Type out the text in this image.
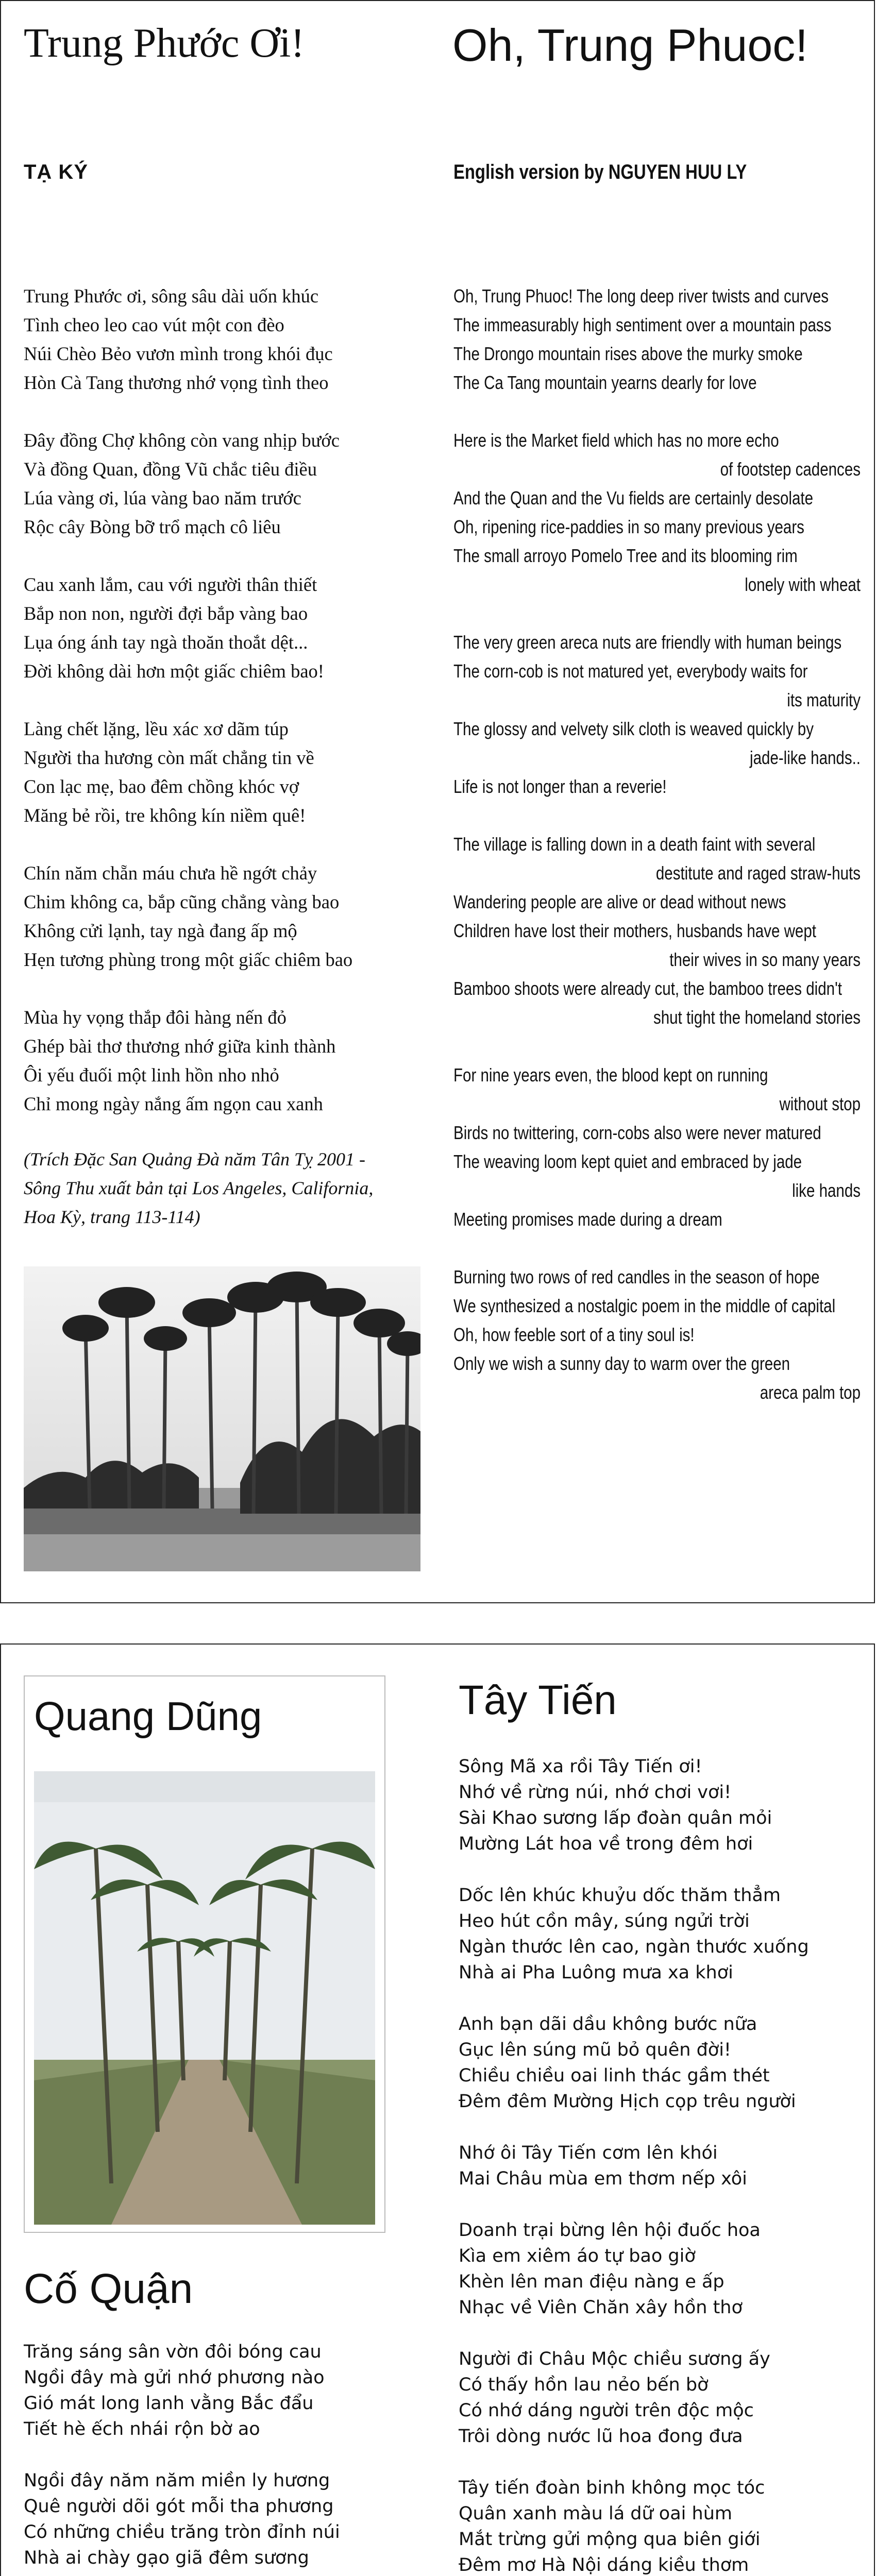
Trung Phước Ơi!	Oh, Trung Phuoc!
TẠ KÝ	English version by NGUYEN HUU LY
Trung Phước ơi, sông sâu dài uốn khúc
Tình cheo leo cao vút một con đèo
Núi Chèo Bẻo vươn mình trong khói đục
Hòn Cà Tang thương nhớ vọng tình theo
Đây đồng Chợ không còn vang nhịp bước
Và đồng Quan, đồng Vũ chắc tiêu điều
Lúa vàng ơi, lúa vàng bao năm trước
Rộc cây Bòng bỡ trổ mạch cô liêu
Cau xanh lắm, cau với người thân thiết
Bắp non non, người đợi bắp vàng bao
Lụa óng ánh tay ngà thoăn thoắt dệt...
Đời không dài hơn một giấc chiêm bao!
Làng chết lặng, lều xác xơ dãm túp
Người tha hương còn mất chẳng tin về
Con lạc mẹ, bao đêm chồng khóc vợ
Măng bẻ rồi, tre không kín niềm quê!
Chín năm chẵn máu chưa hề ngớt chảy
Chim không ca, bắp cũng chẳng vàng bao
Không cửi lạnh, tay ngà đang ấp mộ
Hẹn tương phùng trong một giấc chiêm bao
Mùa hy vọng thắp đôi hàng nến đỏ
Ghép bài thơ thương nhớ giữa kinh thành
Ôi yếu đuối một linh hồn nho nhỏ
Chỉ mong ngày nắng ấm ngọn cau xanh
(Trích Đặc San Quảng Đà năm Tân Tỵ 2001 -
Sông Thu xuất bản tại Los Angeles, California,
Hoa Kỳ, trang 113-114)
Oh, Trung Phuoc! The long deep river twists and curves
The immeasurably high sentiment over a mountain pass
The Drongo mountain rises above the murky smoke
The Ca Tang mountain yearns dearly for love
Here is the Market field which has no more echo
of footstep cadences
And the Quan and the Vu fields are certainly desolate
Oh, ripening rice-paddies in so many previous years
The small arroyo Pomelo Tree and its blooming rim
lonely with wheat
The very green areca nuts are friendly with human beings
The corn-cob is not matured yet, everybody waits for
its maturity
The glossy and velvety silk cloth is weaved quickly by
jade-like hands..
Life is not longer than a reverie!
The village is falling down in a death faint with several
destitute and raged straw-huts
Wandering people are alive or dead without news
Children have lost their mothers, husbands have wept
their wives in so many years
Bamboo shoots were already cut, the bamboo trees didn't
shut tight the homeland stories
For nine years even, the blood kept on running
without stop
Birds no twittering, corn-cobs also were never matured
The weaving loom kept quiet and embraced by jade
like hands
Meeting promises made during a dream
Burning two rows of red candles in the season of hope
We synthesized a nostalgic poem in the middle of capital
Oh, how feeble sort of a tiny soul is!
Only we wish a sunny day to warm over the green
areca palm top
Quang Dũng
Cố Quận
Trăng sáng sân vờn đôi bóng cau
Ngồi đây mà gửi nhớ phương nào
Gió mát long lanh vằng Bắc đẩu
Tiết hè ếch nhái rộn bờ ao
Ngồi đây năm năm miền ly hương
Quê người dõi gót mỗi tha phương
Có những chiều trăng tròn đỉnh núi
Nhà ai chày gạo giã đêm sương
Tây Tiến
Sông Mã xa rồi Tây Tiến ơi!
Nhớ về rừng núi, nhớ chơi vơi!
Sài Khao sương lấp đoàn quân mỏi
Mường Lát hoa về trong đêm hơi
Dốc lên khúc khuỷu dốc thăm thẳm
Heo hút cồn mây, súng ngửi trời
Ngàn thước lên cao, ngàn thước xuống
Nhà ai Pha Luông mưa xa khơi
Anh bạn dãi dầu không bước nữa
Gục lên súng mũ bỏ quên đời!
Chiều chiều oai linh thác gầm thét
Đêm đêm Mường Hịch cọp trêu người
Nhớ ôi Tây Tiến cơm lên khói
Mai Châu mùa em thơm nếp xôi
Doanh trại bừng lên hội đuốc hoa
Kìa em xiêm áo tự bao giờ
Khèn lên man điệu nàng e ấp
Nhạc về Viên Chăn xây hồn thơ
Người đi Châu Mộc chiều sương ấy
Có thấy hồn lau nẻo bến bờ
Có nhớ dáng người trên độc mộc
Trôi dòng nước lũ hoa đong đưa
Tây tiến đoàn binh không mọc tóc
Quân xanh màu lá dữ oai hùm
Mắt trừng gửi mộng qua biên giới
Đêm mơ Hà Nội dáng kiều thơm
